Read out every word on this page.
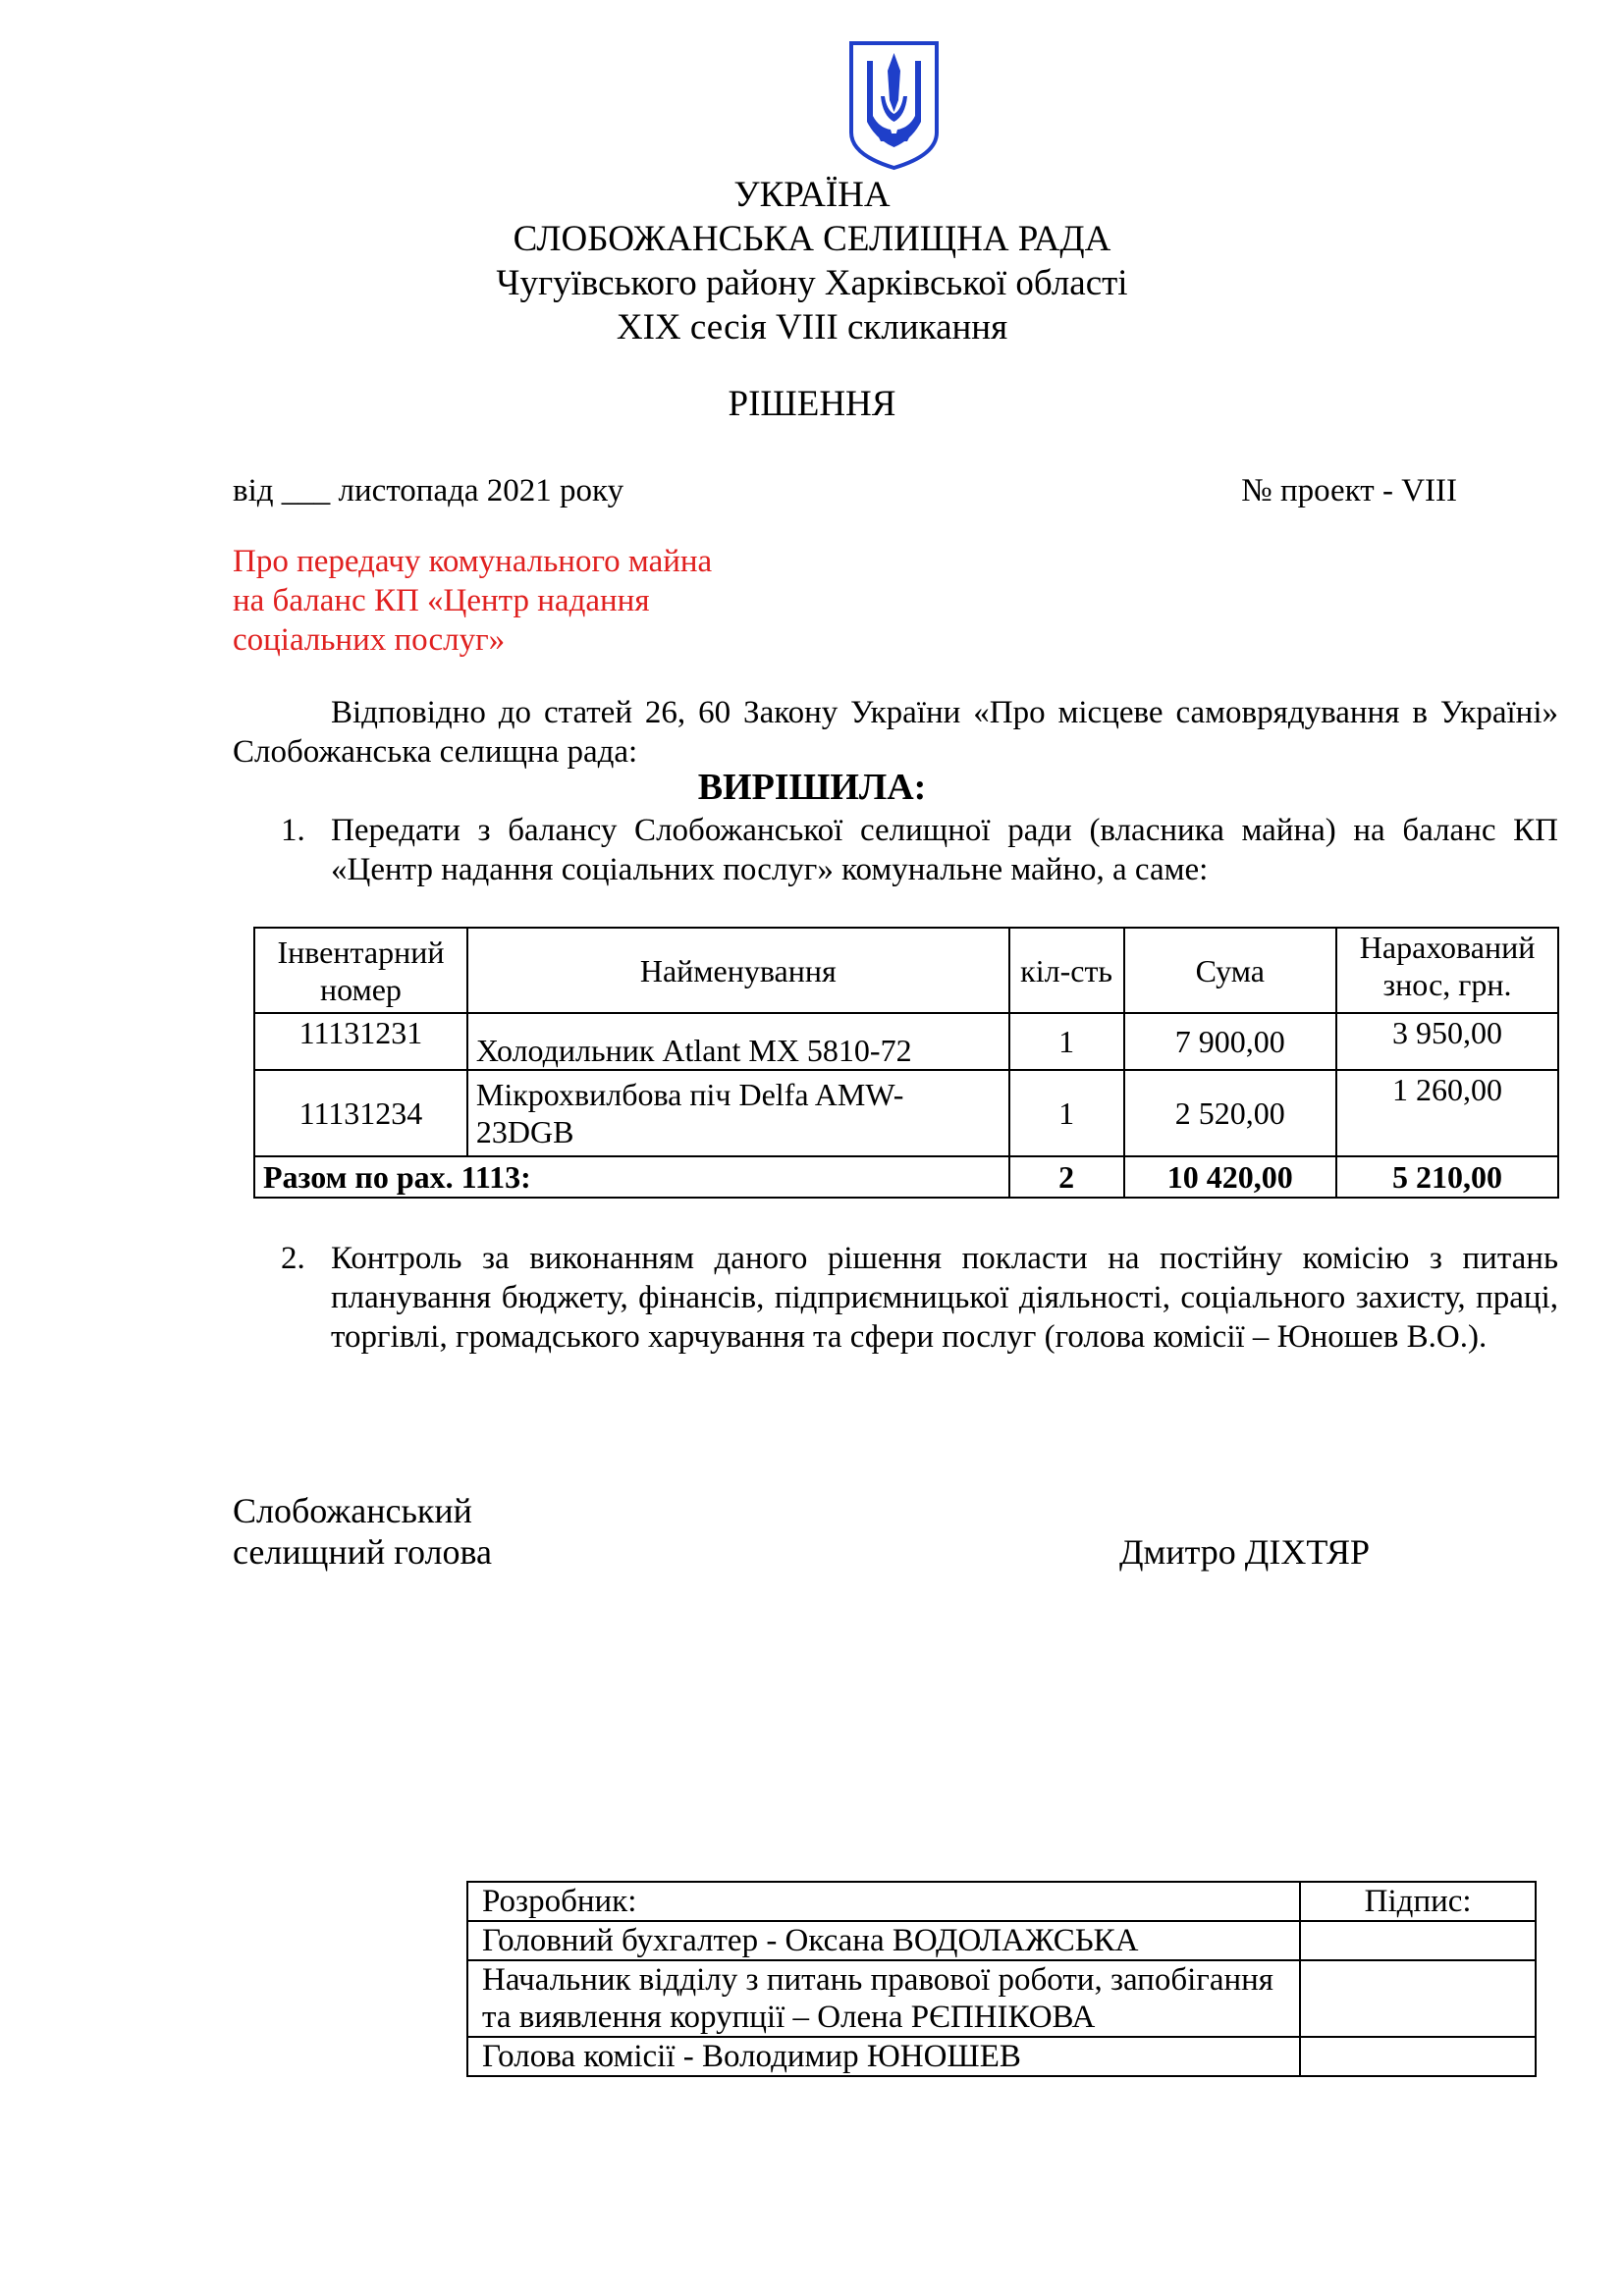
УКРАЇНА
СЛОБОЖАНСЬКА СЕЛИЩНА РАДА
Чугуївського району Харківської області
ХІХ сесія VIII скликання
РІШЕННЯ
від ___ листопада 2021 року	№ проект - VIII
Про передачу комунального майна
на баланс КП «Центр надання
соціальних послуг»
Відповідно до статей 26, 60 Закону України «Про місцеве самоврядування в Україні» Слобожанська селищна рада:
ВИРІШИЛА:
1. Передати з балансу Слобожанської селищної ради (власника майна) на баланс КП «Центр надання соціальних послуг» комунальне майно, а саме:
Інвентарний номер	Найменування	кіл-сть	Сума	Нарахований знос, грн.
11131231	Холодильник Atlant МХ 5810-72	1	7 900,00	3 950,00
11131234	Мікрохвилбова піч Delfa AMW-23DGB	1	2 520,00	1 260,00
Разом по рах. 1113:		2	10 420,00	5 210,00
2. Контроль за виконанням даного рішення покласти на постійну комісію з питань планування бюджету, фінансів, підприємницької діяльності, соціального захисту, праці, торгівлі, громадського харчування та сфери послуг (голова комісії – Юношев В.О.).
Слобожанський
селищний голова	Дмитро ДІХТЯР
Розробник:	Підпис:
Головний бухгалтер - Оксана ВОДОЛАЖСЬКА	
Начальник відділу з питань правової роботи, запобігання та виявлення корупції – Олена РЄПНІКОВА	
Голова комісії - Володимир ЮНОШЕВ	
